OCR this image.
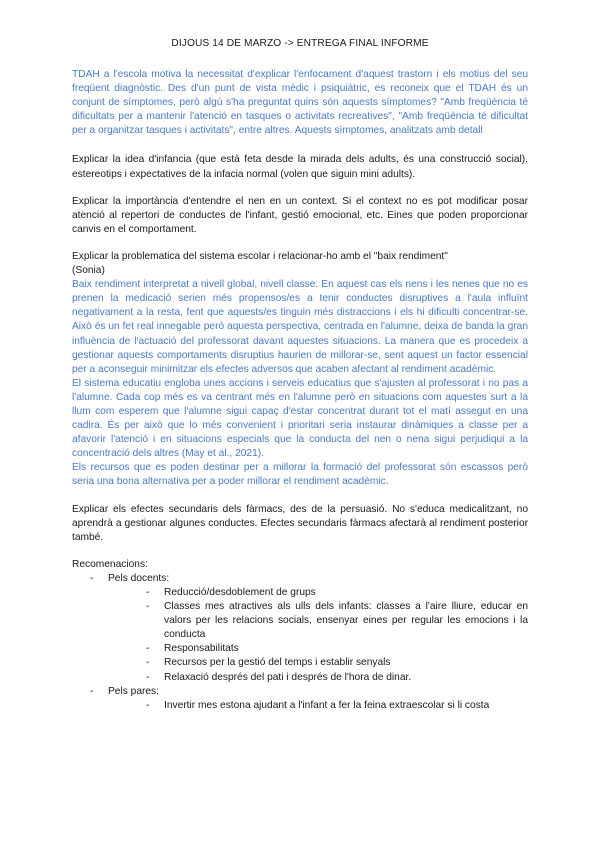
DIJOUS 14 DE MARZO -> ENTREGA FINAL INFORME

TDAH a l'escola motiva la necessitat d'explicar l'enfocament d'aquest trastorn i els motius del seu freqüent diagnòstic. Des d'un punt de vista mèdic i psiquiàtric, es reconeix que el TDAH és un conjunt de símptomes, però algú s'ha preguntat quins són aquests símptomes? "Amb freqüència té dificultats per a mantenir l'atenció en tasques o activitats recreatives", "Amb freqüència té dificultat per a organitzar tasques i activitats", entre altres. Aquests símptomes, analitzats amb detall

Explicar la idea d'infancia (que està feta desde la mirada dels adults, és una construcció social). estereotips i expectatives de la infacia normal (volen que siguin mini adults).

Explicar la importància d'entendre el nen en un context. Si el context no es pot modificar posar atenció al repertori de conductes de l'infant, gestió emocional, etc. Eines que poden proporcionar canvis en el comportament.

Explicar la problematica del sistema escolar i relacionar-ho amb el "baix rendiment"

(Sonia)

Baix rendiment interpretat a nivell global, nivell classe. En aquest cas els nens i les nenes que no es prenen la medicació serien més propensos/es a tenir conductes disruptives a l'aula influïnt negativament a la resta, fent que aquests/es tinguin més distraccions i els hi dificulti concentrar-se. Això és un fet real innegable però aquesta perspectiva, centrada en l'alumne, deixa de banda la gran influència de l'actuació del professorat davant aquestes situacions. La manera que es procedeix a gestionar aquests comportaments disruptius haurien de millorar-se, sent aquest un factor essencial per a aconseguir minimitzar els efectes adversos que acaben afectant al rendiment acadèmic.

El sistema educatiu engloba unes accions i serveis educatius que s'ajusten al professorat i no pas a l'alumne. Cada cop més es va centrant més en l'alumne però en situacions com aquestes surt a la llum com esperem que l'alumne sigui capaç d'estar concentrat durant tot el matí assegut en una cadira. És per això que lo més convenient i prioritari seria instaurar dinàmiques a classe per a afavorir l'atenció i en situacions especials que la conducta del nen o nena sigui perjudiqui a la concentració dels altres (May et al., 2021).

Els recursos que es poden destinar per a millorar la formació del professorat són escassos però seria una bona alternativa per a poder millorar el rendiment acadèmic.

Explicar els efectes secundaris dels fàrmacs, des de la persuasió. No s'educa medicalitzant, no aprendrà a gestionar algunes conductes. Efectes secundaris fàrmacs afectarà al rendiment posterior també.

Recomenacions:

- Pels docents:
- Reducció/desdoblement de grups
- Classes mes atractives als ulls dels infants: classes a l'aire lliure, educar en valors per les relacions socials, ensenyar eines per regular les emocions i la conducta
- Responsabilitats
- Recursos per la gestió del temps i establir senyals
- Relaxació després del pati i després de l'hora de dinar.
- Pels pares:
- Invertir mes estona ajudant a l'infant a fer la feina extraescolar si li costa
